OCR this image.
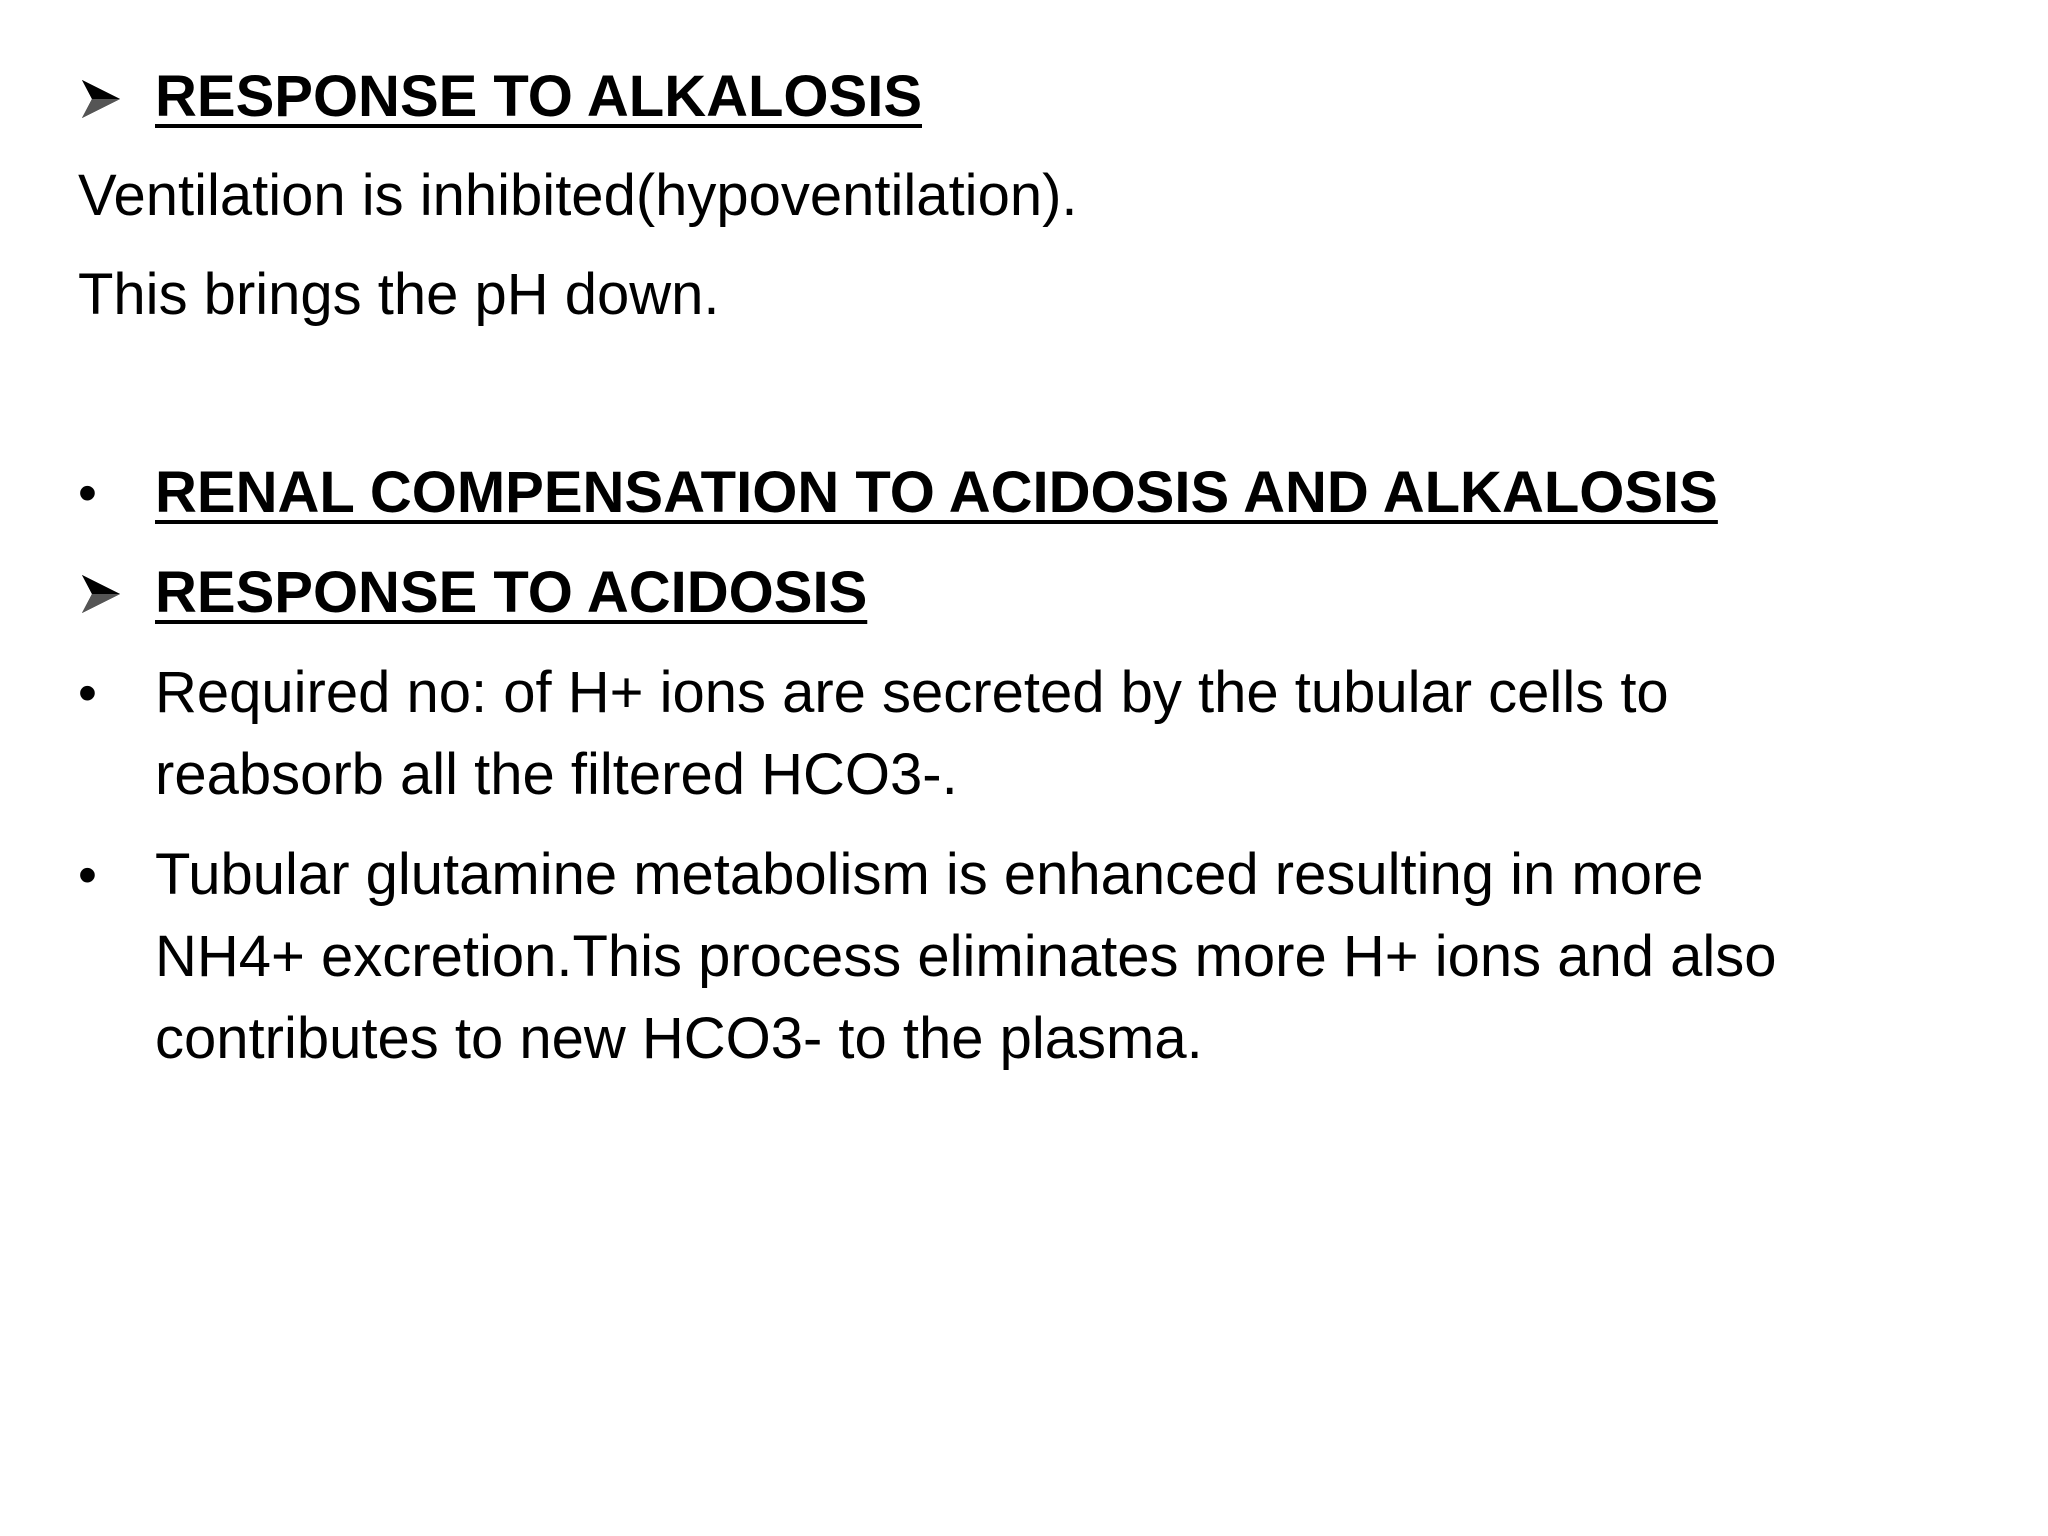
RESPONSE TO ALKALOSIS
Ventilation is inhibited(hypoventilation).
This brings the pH down.
• RENAL COMPENSATION TO ACIDOSIS AND ALKALOSIS
RESPONSE TO ACIDOSIS
• Required no: of H+ ions are secreted by the tubular cells to
reabsorb all the filtered HCO3-.
• Tubular glutamine metabolism is enhanced resulting in more
NH4+ excretion.This process eliminates more H+ ions and also
contributes to new HCO3- to the plasma.
